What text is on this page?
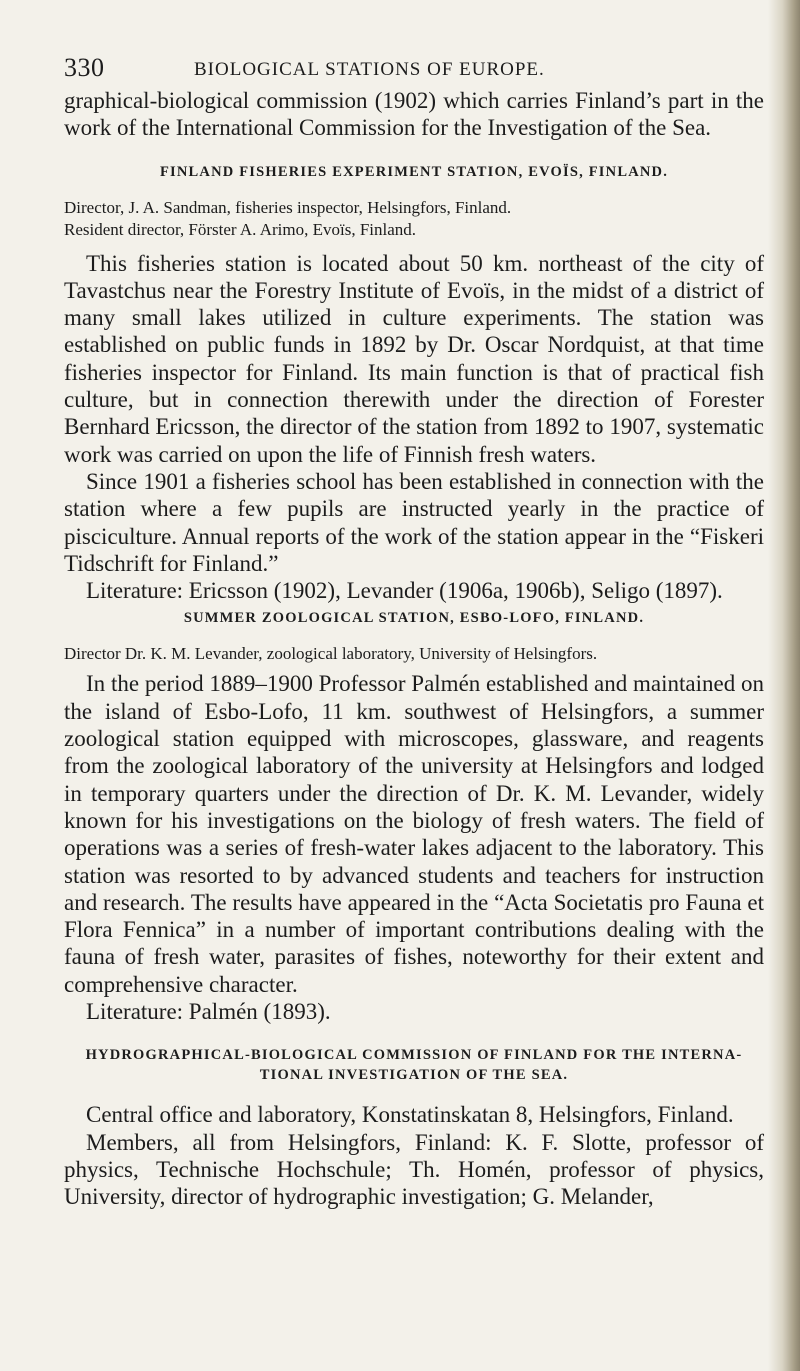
330	BIOLOGICAL STATIONS OF EUROPE.

graphical-biological commission (1902) which carries Finland’s part in the work of the International Commission for the Investigation of the Sea.

FINLAND FISHERIES EXPERIMENT STATION, EVOÏS, FINLAND.

Director, J. A. Sandman, fisheries inspector, Helsingfors, Finland.

Resident director, Förster A. Arimo, Evoïs, Finland.

This fisheries station is located about 50 km. northeast of the city of Tavastchus near the Forestry Institute of Evoïs, in the midst of a district of many small lakes utilized in culture experiments. The station was established on public funds in 1892 by Dr. Oscar Nordquist, at that time fisheries inspector for Finland. Its main function is that of practical fish culture, but in connection therewith under the direction of Forester Bernhard Ericsson, the director of the station from 1892 to 1907, systematic work was carried on upon the life of Finnish fresh waters.

Since 1901 a fisheries school has been established in connection with the station where a few pupils are instructed yearly in the practice of pisciculture. Annual reports of the work of the station appear in the “Fiskeri Tidschrift for Finland.”

Literature: Ericsson (1902), Levander (1906a, 1906b), Seligo (1897).

SUMMER ZOOLOGICAL STATION, ESBO-LOFO, FINLAND.

Director Dr. K. M. Levander, zoological laboratory, University of Helsingfors.

In the period 1889–1900 Professor Palmén established and maintained on the island of Esbo-Lofo, 11 km. southwest of Helsingfors, a summer zoological station equipped with microscopes, glassware, and reagents from the zoological laboratory of the university at Helsingfors and lodged in temporary quarters under the direction of Dr. K. M. Levander, widely known for his investigations on the biology of fresh waters. The field of operations was a series of fresh-water lakes adjacent to the laboratory. This station was resorted to by advanced students and teachers for instruction and research. The results have appeared in the “Acta Societatis pro Fauna et Flora Fennica” in a number of important contributions dealing with the fauna of fresh water, parasites of fishes, noteworthy for their extent and comprehensive character.

Literature: Palmén (1893).

HYDROGRAPHICAL-BIOLOGICAL COMMISSION OF FINLAND FOR THE INTERNA-

TIONAL INVESTIGATION OF THE SEA.

Central office and laboratory, Konstatinskatan 8, Helsingfors, Finland.

Members, all from Helsingfors, Finland: K. F. Slotte, professor of physics, Technische Hochschule; Th. Homén, professor of physics, University, director of hydrographic investigation; G. Melander,
